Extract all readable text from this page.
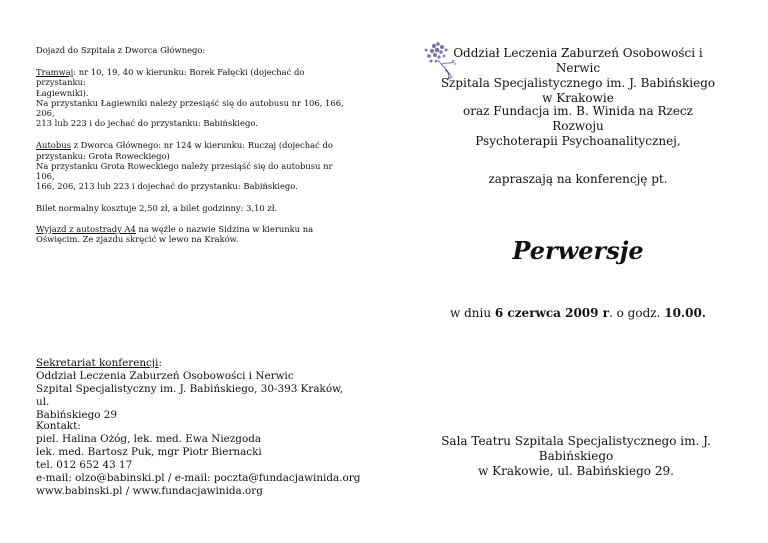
Dojazd do Szpitala z Dworca Głównego:
Tramwaj: nr 10, 19, 40 w kierunku: Borek Fałęcki (dojechać do przystanku:
Łagiewniki).
Na przystanku Łagiewniki należy przesiąść się do autobusu nr 106, 166, 206,
213 lub 223 i do jechać do przystanku: Babińskiego.
Autobus z Dworca Głównego: nr 124 w kierunku: Ruczaj (dojechać do
przystanku: Grota Roweckiego)
Na przystanku Grota Roweckiego należy przesiąść się do autobusu nr 106,
166, 206, 213 lub 223 i dojechać do przystanku: Babińskiego.
Bilet normalny kosztuje 2,50 zł, a bilet godzinny: 3,10 zł.
Wyjazd z autostrady A4 na węźle o nazwie Sidzina w kierunku na
Oświęcim. Ze zjazdu skręcić w lewo na Kraków.
Sekretariat konferencji:
Oddział Leczenia Zaburzeń Osobowości i Nerwic
Szpital Specjalistyczny im. J. Babińskiego, 30-393 Kraków, ul.
Babińskiego 29
Kontakt:
piel. Halina Ożóg, lek. med. Ewa Niezgoda
lek. med. Bartosz Puk, mgr Piotr Biernacki
tel. 012 652 43 17
e-mail: olzo@babinski.pl / e-mail: poczta@fundacjawinida.org
www.babinski.pl / www.fundacjawinida.org
Oddział Leczenia Zaburzeń Osobowości i Nerwic
Szpitala Specjalistycznego im. J. Babińskiego
w Krakowie
oraz Fundacja im. B. Winida na Rzecz Rozwoju
Psychoterapii Psychoanalitycznej,
zapraszają na konferencję pt.
Perwersje
w dniu 6 czerwca 2009 r. o godz. 10.00.
Sala Teatru Szpitala Specjalistycznego im. J. Babińskiego
w Krakowie, ul. Babińskiego 29.
